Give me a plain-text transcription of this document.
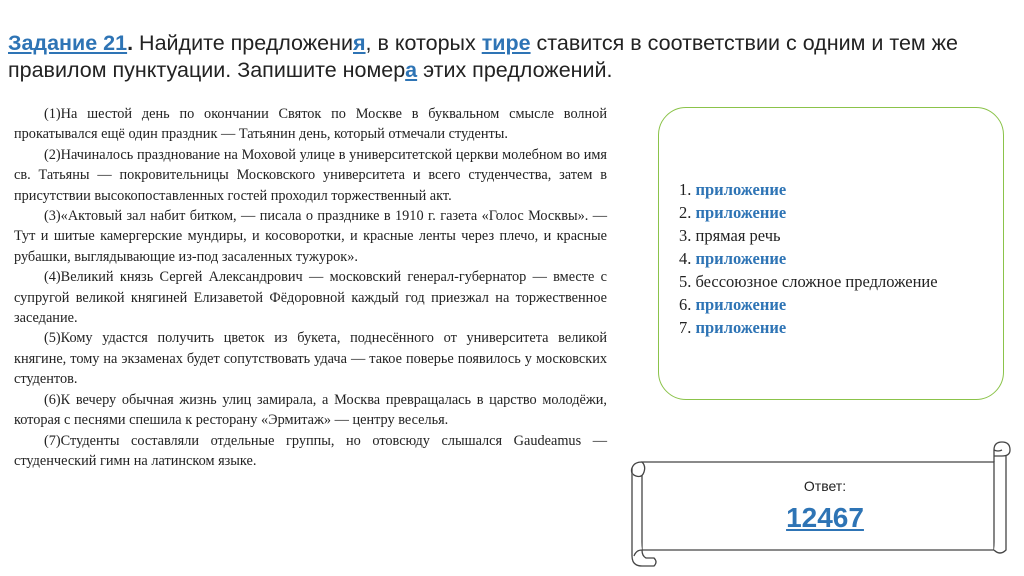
Задание 21. Найдите предложения, в которых тире ставится в соответствии с одним и тем же правилом пунктуации. Запишите номера этих предложений.

(1)На шестой день по окончании Святок по Москве в буквальном смысле волной прокатывался ещё один праздник — Татьянин день, который отмечали студенты.

(2)Начиналось празднование на Моховой улице в университетской церкви молебном во имя св. Татьяны — покровительницы Московского университета и всего студенчества, затем в присутствии высокопоставленных гостей проходил торжественный акт.

(3)«Актовый зал набит битком, — писала о празднике в 1910 г. газета «Голос Москвы». — Тут и шитые камергерские мундиры, и косоворотки, и красные ленты через плечо, и красные рубашки, выглядывающие из-под засаленных тужурок».

(4)Великий князь Сергей Александрович — московский генерал-губернатор — вместе с супругой великой княгиней Елизаветой Фёдоровной каждый год приезжал на торжественное заседание.

(5)Кому удастся получить цветок из букета, поднесённого от университета великой княгине, тому на экзаменах будет сопутствовать удача — такое поверье появилось у московских студентов.

(6)К вечеру обычная жизнь улиц замирала, а Москва превращалась в царство молодёжи, которая с песнями спешила к ресторану «Эрмитаж» — центру веселья.

(7)Студенты составляли отдельные группы, но отовсюду слышался Gaudeamus — студенческий гимн на латинском языке.

1. приложение
2. приложение
3. прямая речь
4. приложение
5. бессоюзное сложное предложение
6. приложение
7. приложение
Ответ:
12467
